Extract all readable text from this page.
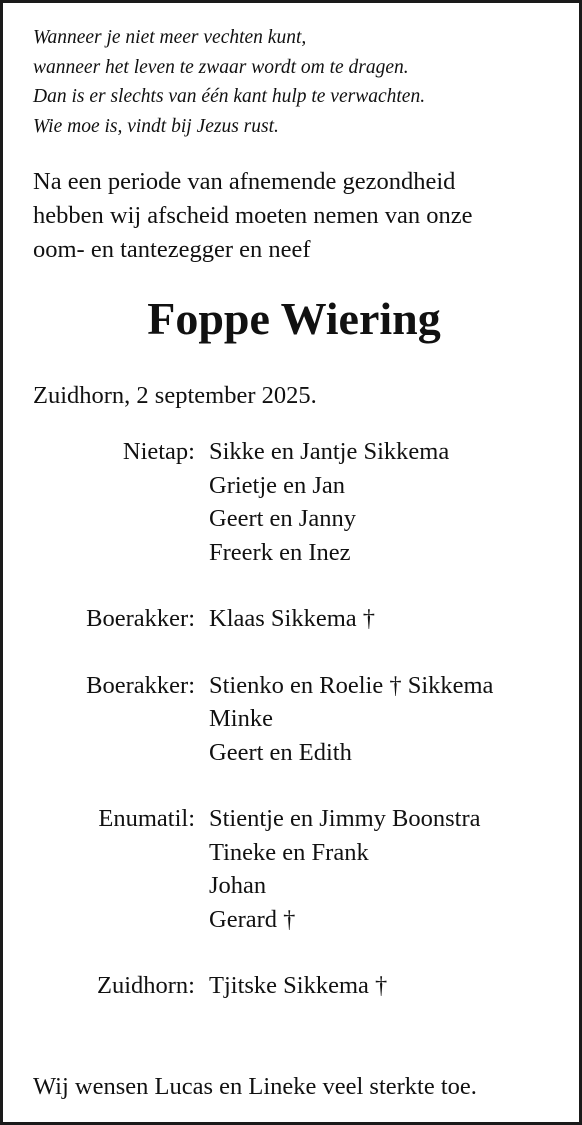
Wanneer je niet meer vechten kunt,
wanneer het leven te zwaar wordt om te dragen.
Dan is er slechts van één kant hulp te verwachten.
Wie moe is, vindt bij Jezus rust.
Na een periode van afnemende gezondheid
hebben wij afscheid moeten nemen van onze
oom- en tantezegger en neef
Foppe Wiering
Zuidhorn, 2 september 2025.
Nietap: Sikke en Jantje Sikkema
Grietje en Jan
Geert en Janny
Freerk en Inez
Boerakker: Klaas Sikkema †
Boerakker: Stienko en Roelie † Sikkema
Minke
Geert en Edith
Enumatil: Stientje en Jimmy Boonstra
Tineke en Frank
Johan
Gerard †
Zuidhorn: Tjitske Sikkema †
Wij wensen Lucas en Lineke veel sterkte toe.
